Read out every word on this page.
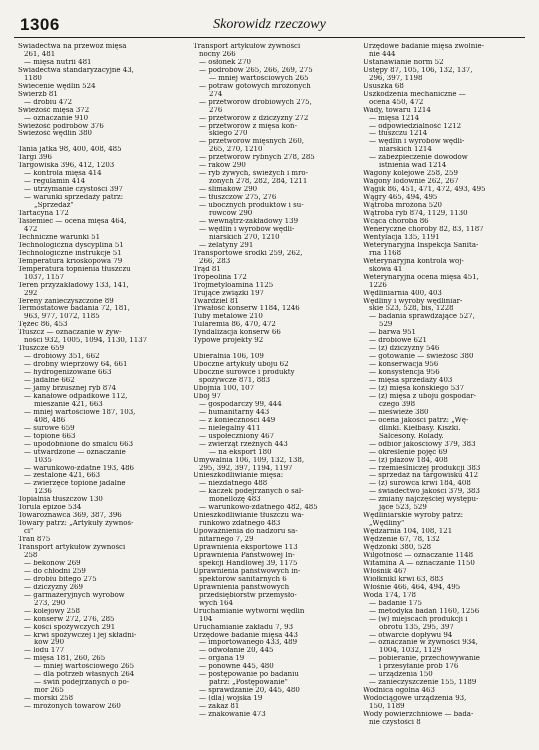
1306	Skorowidz rzeczowy
Świadectwa na przewóz mięsa
261, 481
— mięsa nutrii 481
Świadectwa standaryzacyjne 43,
1180
Świecenie wędlin 524
Świerzb 81
— drobiu 472
Świeżość mięsa 372
— oznaczanie 910
Świeżość podrobów 376
Świeżość wędlin 380

Tania jatka 98, 400, 408, 485
Targi 396
Targowiska 396, 412, 1203
— kontrola mięsa 414
— regulamin 414
— utrzymanie czystości 397
— warunki sprzedaży patrz:
„Sprzedaż"
Tartacyna 172
Tasiemiec — ocena mięsa 464,
472
Techniczne warunki 51
Technologiczna dyscyplina 51
Technologiczne instrukcje 51
Temperatura krioskopowa 79
Temperatura topnienia tłuszczu
1037, 1157
Teren przyzakładowy 133, 141,
292
Tereny zanieczyszczone 89
Termostatowe badania 72, 181,
963, 977, 1072, 1185
Tężec 86, 453
Tłuszcz — oznaczanie w żyw-
ności 932, 1005, 1094, 1130, 1137
Tłuszcze 659
— drobiowy 351, 662
— drobny wieprzowy 64, 661
— hydrogenizowane 663
— jadalne 662
— jamy brzusznej ryb 874
— kanałowe odpadkowe 112,
mieszanie 421, 663
— mniej wartościowe 187, 103,
408, 486
— surowe 659
— topione 663
— upodobnione do smalcu 663
— utwardzone — oznaczanie
1035
— warunkowo-zdatne 193, 486
— zestalone 421, 663
— zwierzęce topione jadalne
1236
Topialnia tłuszczów 130
Torula epizoe 534
Towaroznawca 369, 387, 396
Towary patrz: „Artykuły żywnoś-
ci"
Tran 875
Transport artykułów żywności
258
— bekonów 269
— do chłodni 259
— drobiu bitego 275
— dziczyzny 269
— garmażeryjnych wyrobów
273, 290
— kolejowy 258
— konserw 272, 276, 285
— kości spożywczych 291
— krwi spożywczej i jej składni-
ków 290
— lodu 177
— mięsa 181, 260, 265
— mniej wartościowego 265
— dla potrzeb własnych 264
— świń podejrzanych o po-
mór 265
— morski 258
— mrożonych towarów 260
Transport artykułów żywności
nocny 266
— osłonek 270
— podrobów 265, 266, 269, 275
— mniej wartościowych 265
— potraw gotowych mrożonych
274
— przetworów drobiowych 275,
276
— przetworów z dziczyzny 272
— przetworów z mięsa koń-
skiego 270
— przetworów mięsnych 260,
265, 270, 1210
— przetworów rybnych 278, 285
— raków 290
— ryb żywych, świeżych i mro-
żonych 278, 282, 284, 1211
— ślimaków 290
— tłuszczów 275, 276
— ubocznych produktów i su-
rowców 290
— wewnątrz-zakładowy 139
— wędlin i wyrobów wędli-
niarskich 270, 1210
— żelatyny 291
Transportowe środki 259, 262,
266, 283
Trąd 81
Tropeolina 172
Trójmetyloamina 1125
Trujące związki 197
Twardziel 81
Trwałość konserw 1184, 1246
Tuby metalowe 210
Tularemia 86, 470, 472
Tyndalizacja konserw 66
Typowe projekty 92

Ubieralnia 106, 109
Uboczne artykuły uboju 62
Uboczne surowce i produkty
spożywcze 871, 883
Ubojnia 100, 107
Ubój 97
— gospodarczy 99, 444
— humanitarny 443
— z konieczności 449
— nielegalny 411
— uspołeczniony 467
— zwierząt rzeźnych 443
— na eksport 180
Umywalnia 106, 109, 132, 138,
295, 392, 397, 1194, 1197
Unieszkodliwianie mięsa:
— niezdatnego 488
— kaczek podejrzanych o sal-
monellozę 483
— warunkowo-zdatnego 482, 485
Unieszkodliwianie tłuszczu wa-
runkowo zdatnego 483
Upoważnienia do nadzoru sa-
nitarnego 7, 29
Uprawnienia eksportowe 113
Uprawnienia Państwowej In-
spekcji Handlowej 39, 1175
Uprawnienia państwowych in-
spektorów sanitarnych 6
Uprawnienia państwowych
przedsiębiorstw przemysło-
wych 164
Uruchamianie wytwórni wędlin
104
Uruchamianie zakładu 7, 93
Urzędowe badanie mięsa 443
— importowanego 433, 489
— odwołanie 20, 445
— organa 19
— ponowne 445, 480
— postępowanie po badaniu
patrz: „Postępowanie"
— sprawdzanie 20, 445, 480
— (dla) wojska 19
— zakaz 81
— znakowanie 473
Urzędowe badanie mięsa zwolnie-
nie 444
Ustanawianie norm 52
Ustępy 87, 105, 106, 132, 137,
296, 397, 1198
Ususzka 68
Uszkodzenia mechaniczne —
ocena 450, 472
Wady, towaru 1214
— mięsa 1214
— odpowiedzialność 1212
— tłuszczu 1214
— wędlin i wyrobów wędli-
niarskich 1214
— zabezpieczenie dowodów
istnienia wad 1214
Wagony kolejowe 258, 259
Wagony lodownie 262, 267
Wągik 86, 451, 471, 472, 493, 495
Wągry 465, 494, 495
Wątroba mrożona 520
Wątroba ryb 874, 1129, 1130
Wcąca choroba 86
Weneryczne choroby 82, 83, 1187
Wentylacja 135, 1191
Weterynaryjna Inspekcja Sanita-
rna 1168
Weterynaryjna kontrola woj-
skowa 41
Weterynaryjna ocena mięsa 451,
1226
Wędliniarnia 400, 403
Wędliny i wyroby wędliniar-
skie 523, 528, bis, 1228
— badania sprawdzające 527,
529
— barwa 951
— drobiowe 621
— (z) dziczyzny 546
— gotowanie — świeżość 380
— konserwacja 956
— konsystencja 956
— mięsa sprzedaży 403
— (z) mięsa końskiego 537
— (z) mięsa z uboju gospodar-
czego 398
— nieświeże 380
— ocena jakości patrz: „Wę-
dlinki. Kiełbasy. Kiszki.
Salcesony. Rolady.
— odbiór jakościowy 379, 383
— określenie pojęć 69
— (z) płazów 184, 408
— rzemieślniczej produkcji 383
— sprzedaż na targowisku 412
— (z) surowca krwi 184, 408
— świadectwo jakości 379, 383
— zmiany najczęściej występu-
jące 523, 529
Wędliniarskie wyroby patrz:
„Wędliny"
Wędzarnia 104, 108, 121
Wędzenie 67, 78, 132
Wędzonki 380, 528
Wilgotność — oznaczanie 1148
Witamina A — oznaczanie 1150
Włośnik 467
Wiółknikl krwi 63, 883
Włośnie 466, 464, 494, 495
Woda 174, 178
— badanie 175
— metodyka badań 1160, 1256
— (w) miejscach produkcji i
obrotu 135, 295, 397
— otwarcie dopływu 94
— oznaczanie w żywności 934,
1004, 1032, 1129
— pobieranie, przechowywanie
i przesyłanie prób 176
— urządzenia 150
— zanieczyszczenie 155, 1189
Wodnica ogólna 463
Wodociągowe urządzenia 93,
150, 1189
Wody powierzchniowe — bada-
nie czystości 8
